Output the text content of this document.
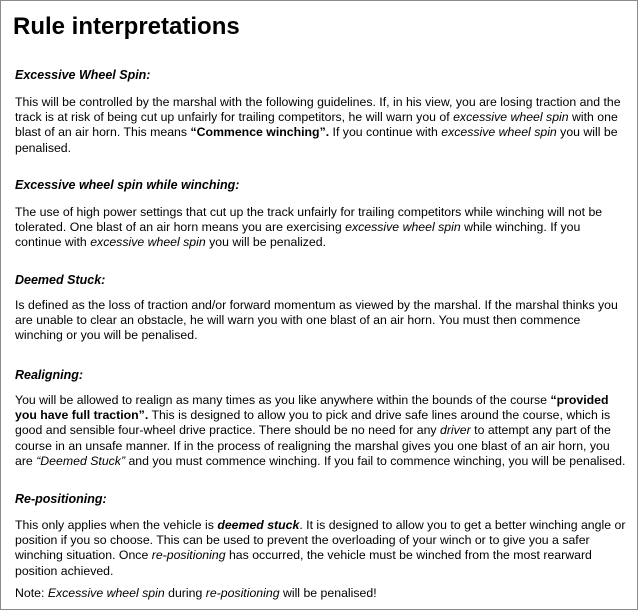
Rule interpretations

Excessive Wheel Spin:

This will be controlled by the marshal with the following guidelines. If, in his view, you are losing traction and the track is at risk of being cut up unfairly for trailing competitors, he will warn you of excessive wheel spin with one blast of an air horn. This means “Commence winching”. If you continue with excessive wheel spin you will be penalised.

Excessive wheel spin while winching:

The use of high power settings that cut up the track unfairly for trailing competitors while winching will not be tolerated. One blast of an air horn means you are exercising excessive wheel spin while winching. If you continue with excessive wheel spin you will be penalized.

Deemed Stuck:

Is defined as the loss of traction and/or forward momentum as viewed by the marshal. If the marshal thinks you are unable to clear an obstacle, he will warn you with one blast of an air horn. You must then commence winching or you will be penalised.

Realigning:

You will be allowed to realign as many times as you like anywhere within the bounds of the course “provided you have full traction”. This is designed to allow you to pick and drive safe lines around the course, which is good and sensible four-wheel drive practice. There should be no need for any driver to attempt any part of the course in an unsafe manner. If in the process of realigning the marshal gives you one blast of an air horn, you are “Deemed Stuck” and you must commence winching. If you fail to commence winching, you will be penalised.

Re-positioning:

This only applies when the vehicle is deemed stuck. It is designed to allow you to get a better winching angle or position if you so choose. This can be used to prevent the overloading of your winch or to give you a safer winching situation. Once re-positioning has occurred, the vehicle must be winched from the most rearward position achieved.

Note: Excessive wheel spin during re-positioning will be penalised!
